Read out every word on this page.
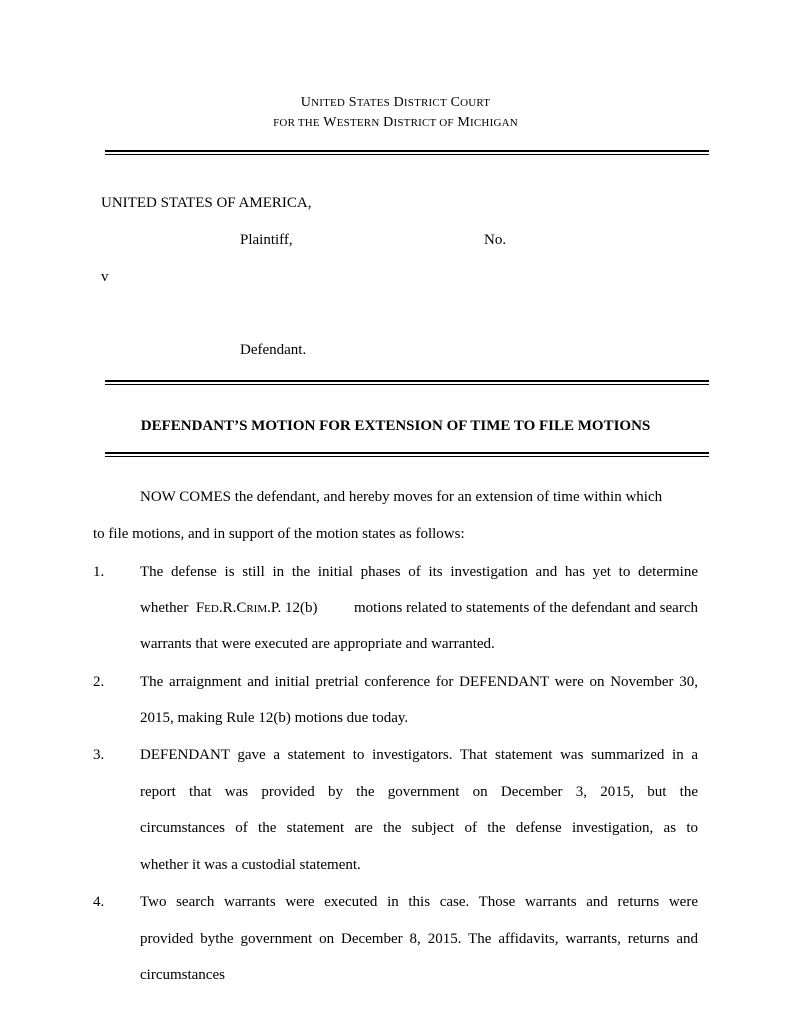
UNITED STATES DISTRICT COURT
FOR THE WESTERN DISTRICT OF MICHIGAN
UNITED STATES OF AMERICA,
Plaintiff,	No.
v
Defendant.
DEFENDANT’S MOTION FOR EXTENSION OF TIME TO FILE MOTIONS
NOW COMES the defendant, and hereby moves for an extension of time within which
to file motions, and in support of the motion states as follows:
1. The defense is still in the initial phases of its investigation and has yet to determine
whether FED.R.CRIM.P. 12(b) motions related to statements of the defendant and search
warrants that were executed are appropriate and warranted.
2. The arraignment and initial pretrial conference for DEFENDANT were on November 30,
2015, making Rule 12(b) motions due today.
3. DEFENDANT gave a statement to investigators. That statement was summarized in a
report that was provided by the government on December 3, 2015, but the
circumstances of the statement are the subject of the defense investigation, as to
whether it was a custodial statement.
4. Two search warrants were executed in this case. Those warrants and returns were
provided bythe government on December 8, 2015. The affidavits, warrants, returns and
circumstances
